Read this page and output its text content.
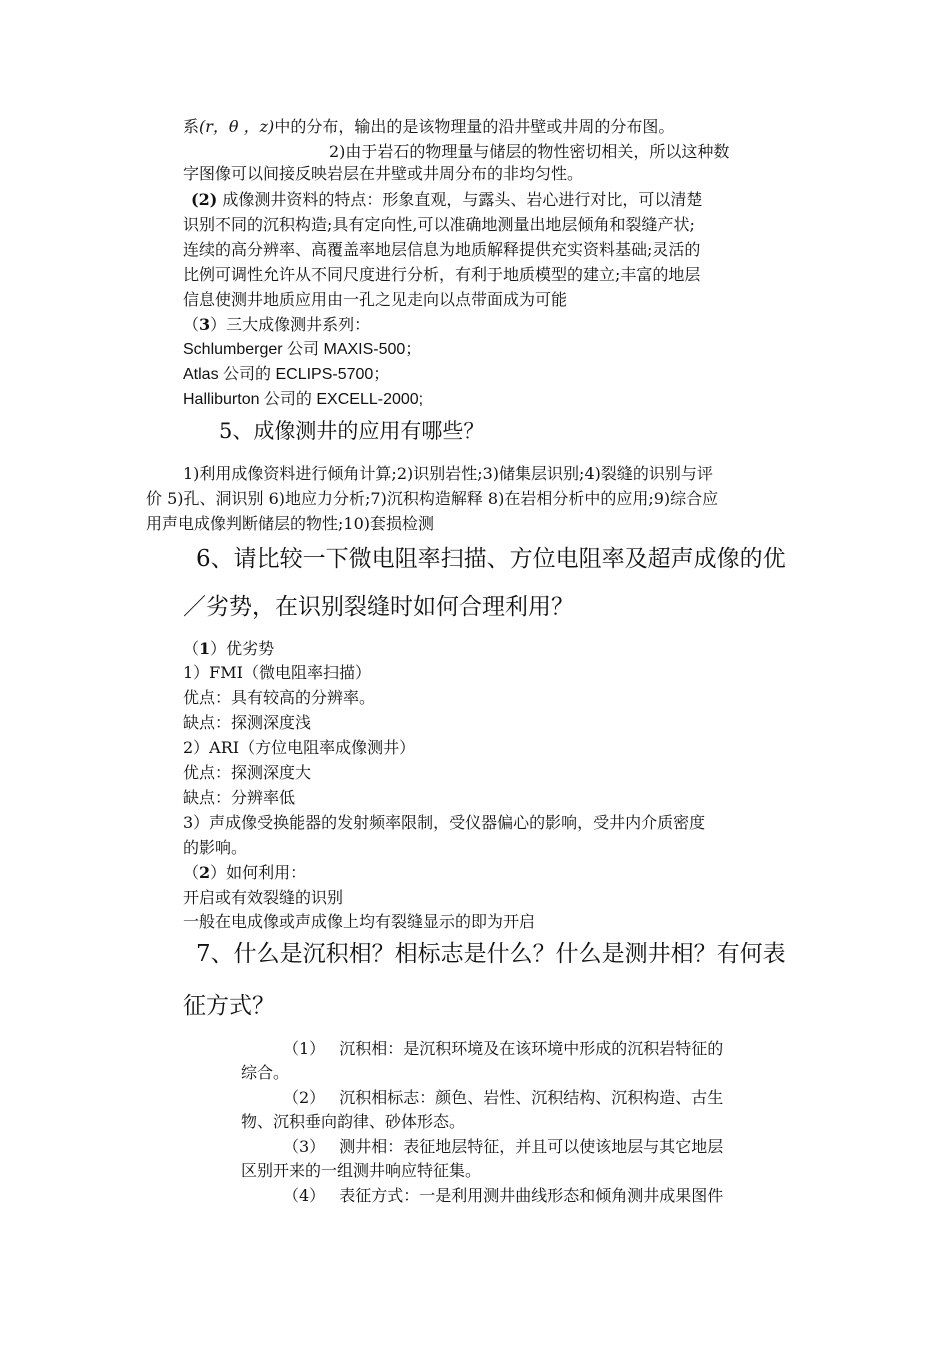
系(r，θ ，z)中的分布，输出的是该物理量的沿井壁或井周的分布图。
2)由于岩石的物理量与储层的物性密切相关，所以这种数
字图像可以间接反映岩层在井壁或井周分布的非均匀性。
(2) 成像测井资料的特点：形象直观，与露头、岩心进行对比，可以清楚
识别不同的沉积构造;具有定向性,可以准确地测量出地层倾角和裂缝产状;
连续的高分辨率、高覆盖率地层信息为地质解释提供充实资料基础;灵活的
比例可调性允许从不同尺度进行分析，有利于地质模型的建立;丰富的地层
信息使测井地质应用由一孔之见走向以点带面成为可能
（3）三大成像测井系列：
Schlumberger 公司 MAXIS-500；
Atlas 公司的 ECLIPS-5700；
Halliburton 公司的 EXCELL-2000;
5、成像测井的应用有哪些？
1)利用成像资料进行倾角计算;2)识别岩性;3)储集层识别;4)裂缝的识别与评
价 5)孔、洞识别 6)地应力分析;7)沉积构造解释 8)在岩相分析中的应用;9)综合应
用声电成像判断储层的物性;10)套损检测
6、请比较一下微电阻率扫描、方位电阻率及超声成像的优
／劣势，在识别裂缝时如何合理利用？
（1）优劣势
1）FMI（微电阻率扫描）
优点：具有较高的分辨率。
缺点：探测深度浅
2）ARI（方位电阻率成像测井）
优点：探测深度大
缺点：分辨率低
3）声成像受换能器的发射频率限制，受仪器偏心的影响，受井内介质密度
的影响。
（2）如何利用：
开启或有效裂缝的识别
一般在电成像或声成像上均有裂缝显示的即为开启
7、什么是沉积相？相标志是什么？什么是测井相？有何表
征方式？
（1） 沉积相：是沉积环境及在该环境中形成的沉积岩特征的
综合。
（2） 沉积相标志：颜色、岩性、沉积结构、沉积构造、古生
物、沉积垂向韵律、砂体形态。
（3） 测井相：表征地层特征，并且可以使该地层与其它地层
区别开来的一组测井响应特征集。
（4） 表征方式：一是利用测井曲线形态和倾角测井成果图件
